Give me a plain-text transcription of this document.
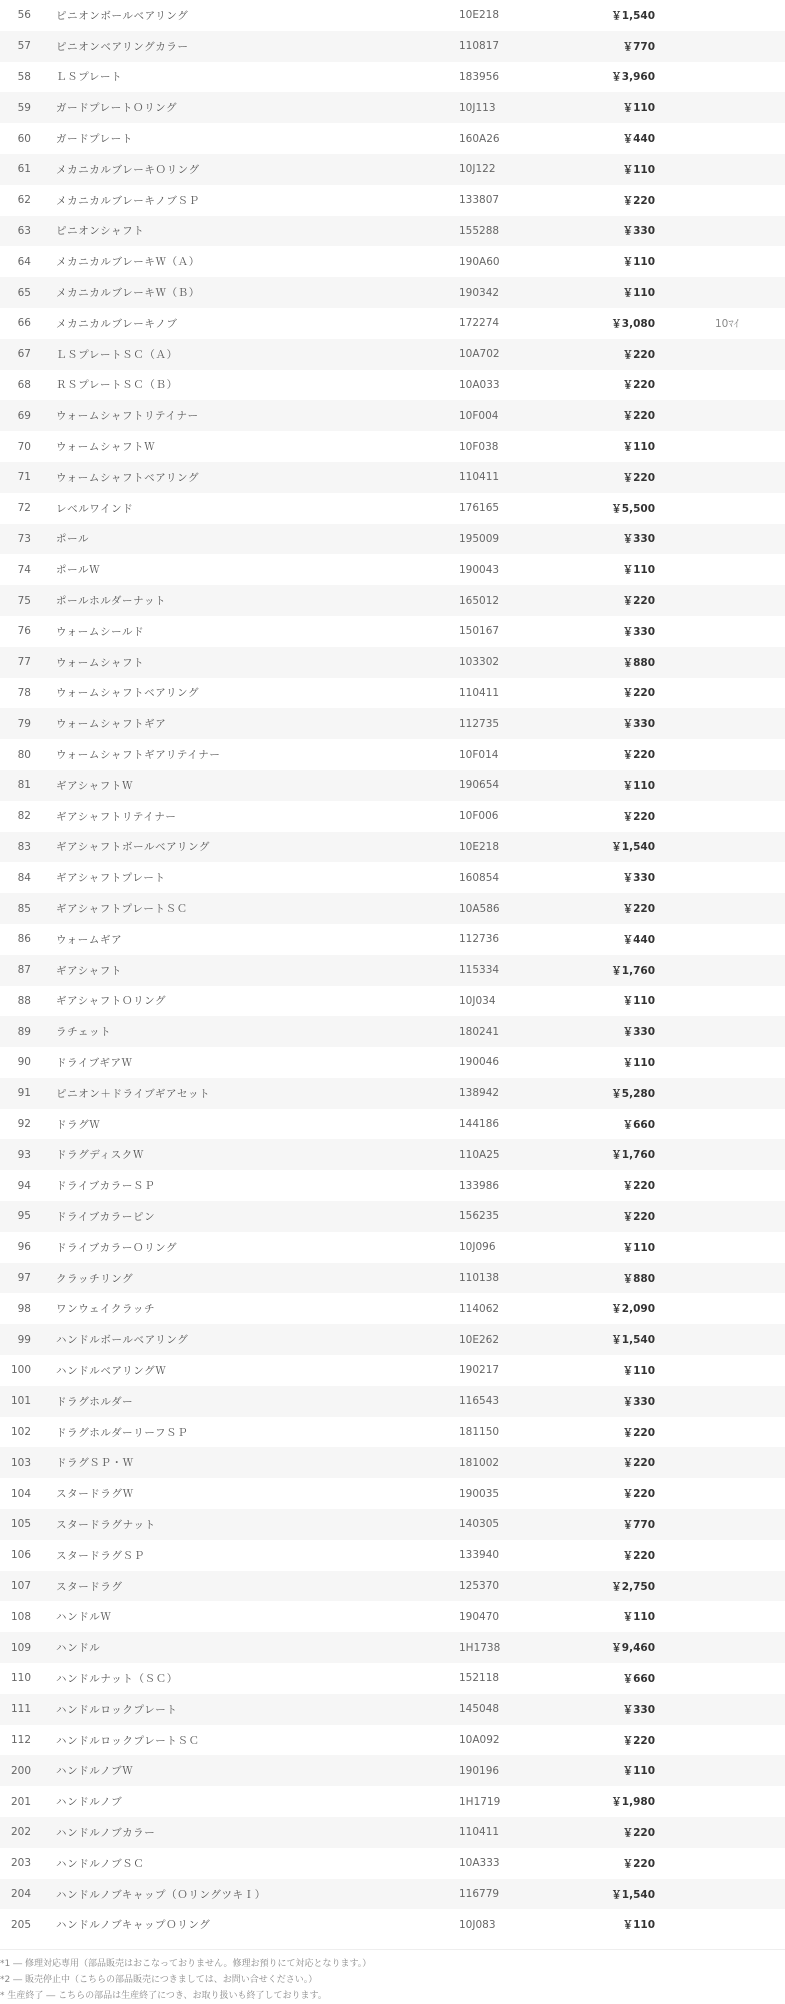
56	ピニオンボールベアリング	10E218	￥1,540	
57	ピニオンベアリングカラー	110817	￥770	
58	ＬＳプレート	183956	￥3,960	
59	ガードプレートＯリング	10J113	￥110	
60	ガードプレート	160A26	￥440	
61	メカニカルブレーキＯリング	10J122	￥110	
62	メカニカルブレーキノブＳＰ	133807	￥220	
63	ピニオンシャフト	155288	￥330	
64	メカニカルブレーキＷ（Ａ）	190A60	￥110	
65	メカニカルブレーキＷ（Ｂ）	190342	￥110	
66	メカニカルブレーキノブ	172274	￥3,080	10ﾏｲ
67	ＬＳプレートＳＣ（Ａ）	10A702	￥220	
68	ＲＳプレートＳＣ（Ｂ）	10A033	￥220	
69	ウォームシャフトリテイナー	10F004	￥220	
70	ウォームシャフトＷ	10F038	￥110	
71	ウォームシャフトベアリング	110411	￥220	
72	レベルワインド	176165	￥5,500	
73	ポール	195009	￥330	
74	ポールＷ	190043	￥110	
75	ポールホルダーナット	165012	￥220	
76	ウォームシールド	150167	￥330	
77	ウォームシャフト	103302	￥880	
78	ウォームシャフトベアリング	110411	￥220	
79	ウォームシャフトギア	112735	￥330	
80	ウォームシャフトギアリテイナー	10F014	￥220	
81	ギアシャフトＷ	190654	￥110	
82	ギアシャフトリテイナー	10F006	￥220	
83	ギアシャフトボールベアリング	10E218	￥1,540	
84	ギアシャフトプレート	160854	￥330	
85	ギアシャフトプレートＳＣ	10A586	￥220	
86	ウォームギア	112736	￥440	
87	ギアシャフト	115334	￥1,760	
88	ギアシャフトＯリング	10J034	￥110	
89	ラチェット	180241	￥330	
90	ドライブギアＷ	190046	￥110	
91	ピニオン＋ドライブギアセット	138942	￥5,280	
92	ドラグＷ	144186	￥660	
93	ドラグディスクＷ	110A25	￥1,760	
94	ドライブカラーＳＰ	133986	￥220	
95	ドライブカラーピン	156235	￥220	
96	ドライブカラーＯリング	10J096	￥110	
97	クラッチリング	110138	￥880	
98	ワンウェイクラッチ	114062	￥2,090	
99	ハンドルボールベアリング	10E262	￥1,540	
100	ハンドルベアリングＷ	190217	￥110	
101	ドラグホルダー	116543	￥330	
102	ドラグホルダーリーフＳＰ	181150	￥220	
103	ドラグＳＰ・Ｗ	181002	￥220	
104	スタードラグＷ	190035	￥220	
105	スタードラグナット	140305	￥770	
106	スタードラグＳＰ	133940	￥220	
107	スタードラグ	125370	￥2,750	
108	ハンドルＷ	190470	￥110	
109	ハンドル	1H1738	￥9,460	
110	ハンドルナット（ＳＣ）	152118	￥660	
111	ハンドルロックプレート	145048	￥330	
112	ハンドルロックプレートＳＣ	10A092	￥220	
200	ハンドルノブＷ	190196	￥110	
201	ハンドルノブ	1H1719	￥1,980	
202	ハンドルノブカラー	110411	￥220	
203	ハンドルノブＳＣ	10A333	￥220	
204	ハンドルノブキャップ（ＯリングツキＩ）	116779	￥1,540	
205	ハンドルノブキャップＯリング	10J083	￥110	

*1 ― 修理対応専用（部品販売はおこなっておりません。修理お預りにて対応となります。）

*2 ― 販売停止中（こちらの部品販売につきましては、お問い合せください。）

* 生産終了 ― こちらの部品は生産終了につき、お取り扱いも終了しております。
